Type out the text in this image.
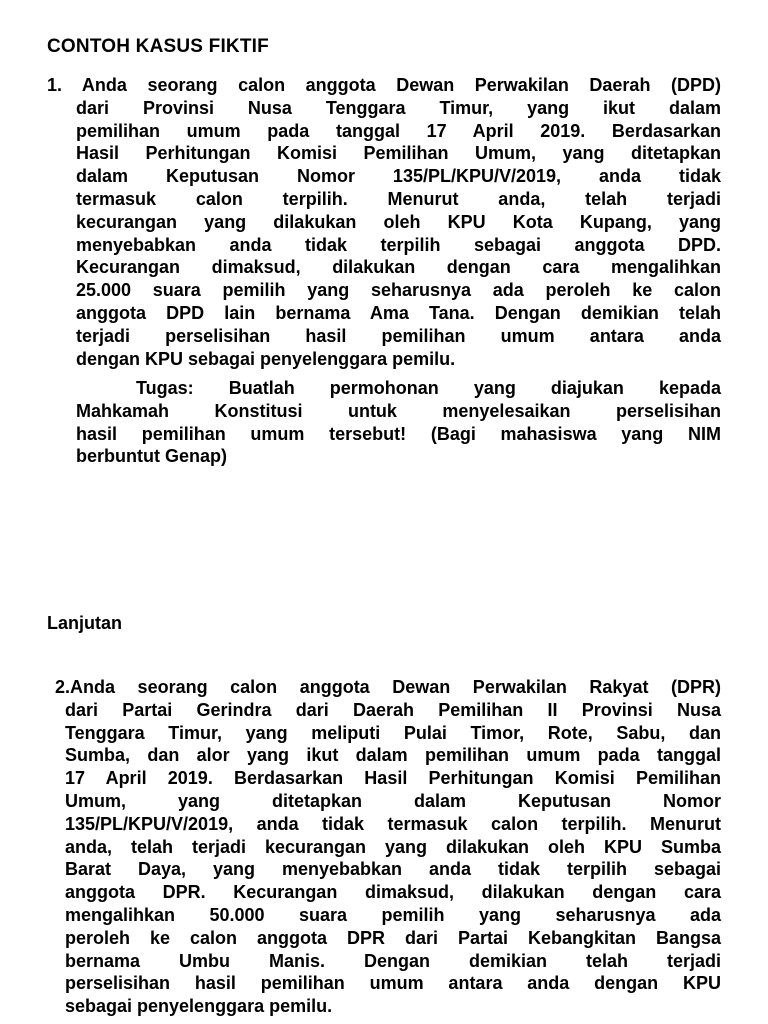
CONTOH KASUS FIKTIF
1. Anda seorang calon anggota Dewan Perwakilan Daerah (DPD)
dari Provinsi Nusa Tenggara Timur, yang ikut dalam
pemilihan umum pada tanggal 17 April 2019. Berdasarkan
Hasil Perhitungan Komisi Pemilihan Umum, yang ditetapkan
dalam Keputusan Nomor 135/PL/KPU/V/2019, anda tidak
termasuk calon terpilih. Menurut anda, telah terjadi
kecurangan yang dilakukan oleh KPU Kota Kupang, yang
menyebabkan anda tidak terpilih sebagai anggota DPD.
Kecurangan dimaksud, dilakukan dengan cara mengalihkan
25.000 suara pemilih yang seharusnya ada peroleh ke calon
anggota DPD lain bernama Ama Tana. Dengan demikian telah
terjadi perselisihan hasil pemilihan umum antara anda
dengan KPU sebagai penyelenggara pemilu.
Tugas: Buatlah permohonan yang diajukan kepada
Mahkamah Konstitusi untuk menyelesaikan perselisihan
hasil pemilihan umum tersebut! (Bagi mahasiswa yang NIM
berbuntut Genap)
Lanjutan
2.Anda seorang calon anggota Dewan Perwakilan Rakyat (DPR)
dari Partai Gerindra dari Daerah Pemilihan II Provinsi Nusa
Tenggara Timur, yang meliputi Pulai Timor, Rote, Sabu, dan
Sumba, dan alor yang ikut dalam pemilihan umum pada tanggal
17 April 2019. Berdasarkan Hasil Perhitungan Komisi Pemilihan
Umum, yang ditetapkan dalam Keputusan Nomor
135/PL/KPU/V/2019, anda tidak termasuk calon terpilih. Menurut
anda, telah terjadi kecurangan yang dilakukan oleh KPU Sumba
Barat Daya, yang menyebabkan anda tidak terpilih sebagai
anggota DPR. Kecurangan dimaksud, dilakukan dengan cara
mengalihkan 50.000 suara pemilih yang seharusnya ada
peroleh ke calon anggota DPR dari Partai Kebangkitan Bangsa
bernama Umbu Manis. Dengan demikian telah terjadi
perselisihan hasil pemilihan umum antara anda dengan KPU
sebagai penyelenggara pemilu.
